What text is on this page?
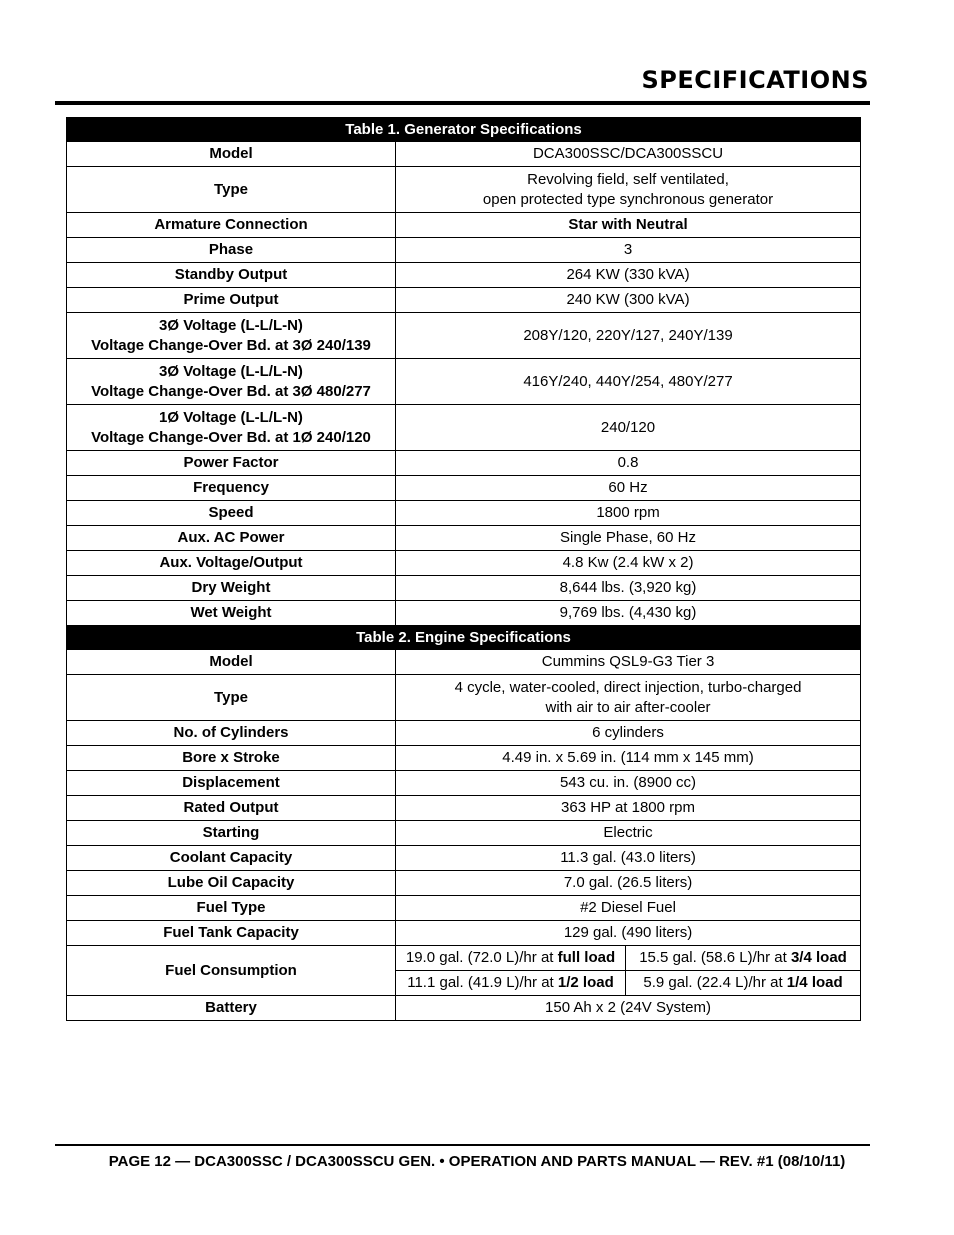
SPECIFICATIONS
Table 1. Generator Specifications		

Model	DCA300SSC/DCA300SSCU	

Type	Revolving field, self ventilated,
open protected type synchronous generator	

Armature Connection	Star with Neutral	

Phase	3	

Standby Output	264 KW (330 kVA)	

Prime Output	240 KW (300 kVA)	

3Ø Voltage (L-L/L-N)
Voltage Change-Over Bd. at 3Ø 240/139	208Y/120, 220Y/127, 240Y/139	

3Ø Voltage (L-L/L-N)
Voltage Change-Over Bd. at 3Ø 480/277	416Y/240, 440Y/254, 480Y/277	

1Ø Voltage (L-L/L-N)
Voltage Change-Over Bd. at 1Ø 240/120	240/120	

Power Factor	0.8	

Frequency	60 Hz	

Speed	1800 rpm	

Aux. AC Power	Single Phase, 60 Hz	

Aux. Voltage/Output	4.8 Kw (2.4 kW x 2)	

Dry Weight	8,644 lbs. (3,920 kg)	

Wet Weight	9,769 lbs. (4,430 kg)	

Table 2. Engine Specifications		

Model	Cummins QSL9-G3 Tier 3	

Type	4 cycle, water-cooled, direct injection, turbo-charged
with air to air after-cooler	

No. of Cylinders	6 cylinders	

Bore x Stroke	4.49 in. x 5.69 in. (114 mm x 145 mm)	

Displacement	543 cu. in. (8900 cc)	

Rated Output	363 HP at 1800 rpm	

Starting	Electric	

Coolant Capacity	11.3 gal. (43.0 liters)	

Lube Oil Capacity	7.0 gal. (26.5 liters)	

Fuel Type	#2 Diesel Fuel	

Fuel Tank Capacity	129 gal. (490 liters)	

Fuel Consumption	19.0 gal. (72.0 L)/hr at full load	15.5 gal. (58.6 L)/hr at 3/4 load
	11.1 gal. (41.9 L)/hr at 1/2 load	5.9 gal. (22.4 L)/hr at 1/4 load
Battery	150 Ah x 2 (24V System)	
PAGE 12 — DCA300SSC / DCA300SSCU GEN. • OPERATION AND PARTS MANUAL — REV. #1 (08/10/11)
